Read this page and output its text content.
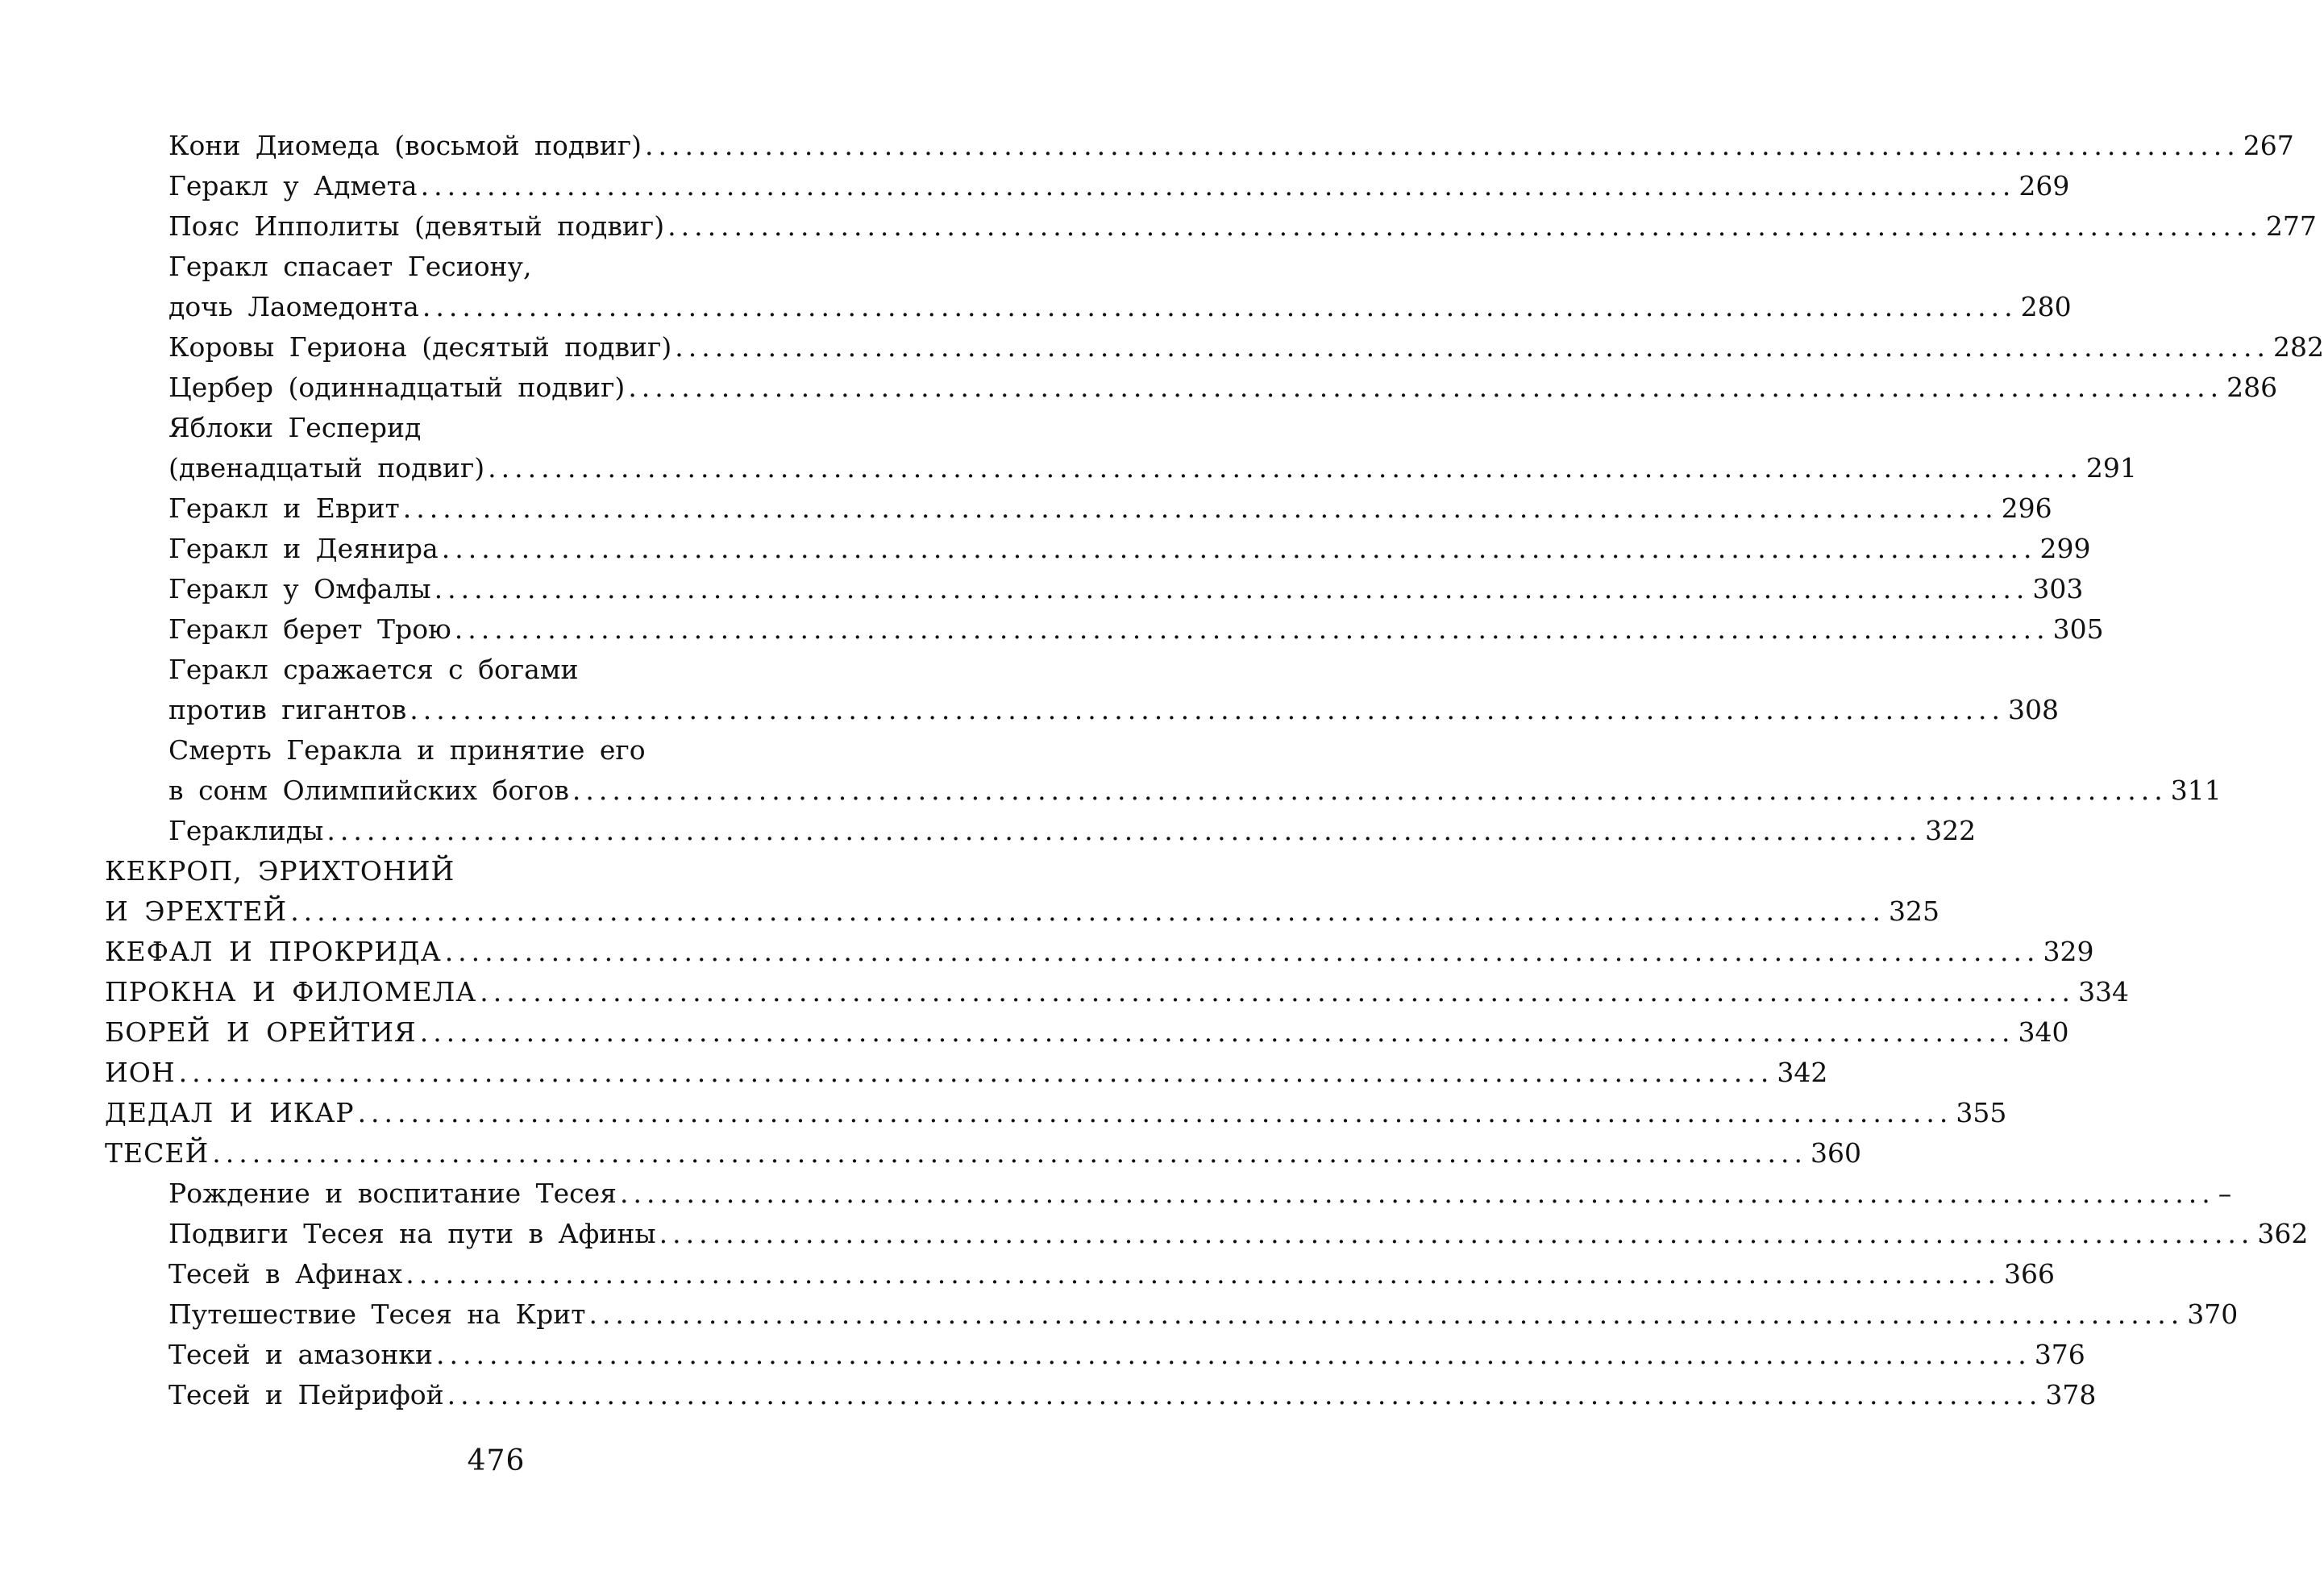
Кони Диомеда (восьмой подвиг) ........................................................................................................................ 267
Геракл у Адмета ........................................................................................................................ 269
Пояс Ипполиты (девятый подвиг) ........................................................................................................................ 277
Геракл спасает Гесиону,
дочь Лаомедонта ........................................................................................................................ 280
Коровы Гериона (десятый подвиг) ........................................................................................................................ 282
Цербер (одиннадцатый подвиг) ........................................................................................................................ 286
Яблоки Гесперид
(двенадцатый подвиг) ........................................................................................................................ 291
Геракл и Еврит ........................................................................................................................ 296
Геракл и Деянира ........................................................................................................................ 299
Геракл у Омфалы ........................................................................................................................ 303
Геракл берет Трою ........................................................................................................................ 305
Геракл сражается с богами
против гигантов ........................................................................................................................ 308
Смерть Геракла и принятие его
в сонм Олимпийских богов ........................................................................................................................ 311
Гераклиды ........................................................................................................................ 322
КЕКРОП, ЭРИХТОНИЙ
И ЭРЕХТЕЙ ........................................................................................................................ 325
КЕФАЛ И ПРОКРИДА ........................................................................................................................ 329
ПРОКНА И ФИЛОМЕЛА ........................................................................................................................ 334
БОРЕЙ И ОРЕЙТИЯ ........................................................................................................................ 340
ИОН ........................................................................................................................ 342
ДЕДАЛ И ИКАР ........................................................................................................................ 355
ТЕСЕЙ ........................................................................................................................ 360
Рождение и воспитание Тесея ........................................................................................................................ –
Подвиги Тесея на пути в Афины ........................................................................................................................ 362
Тесей в Афинах ........................................................................................................................ 366
Путешествие Тесея на Крит ........................................................................................................................ 370
Тесей и амазонки ........................................................................................................................ 376
Тесей и Пейрифой ........................................................................................................................ 378
476
